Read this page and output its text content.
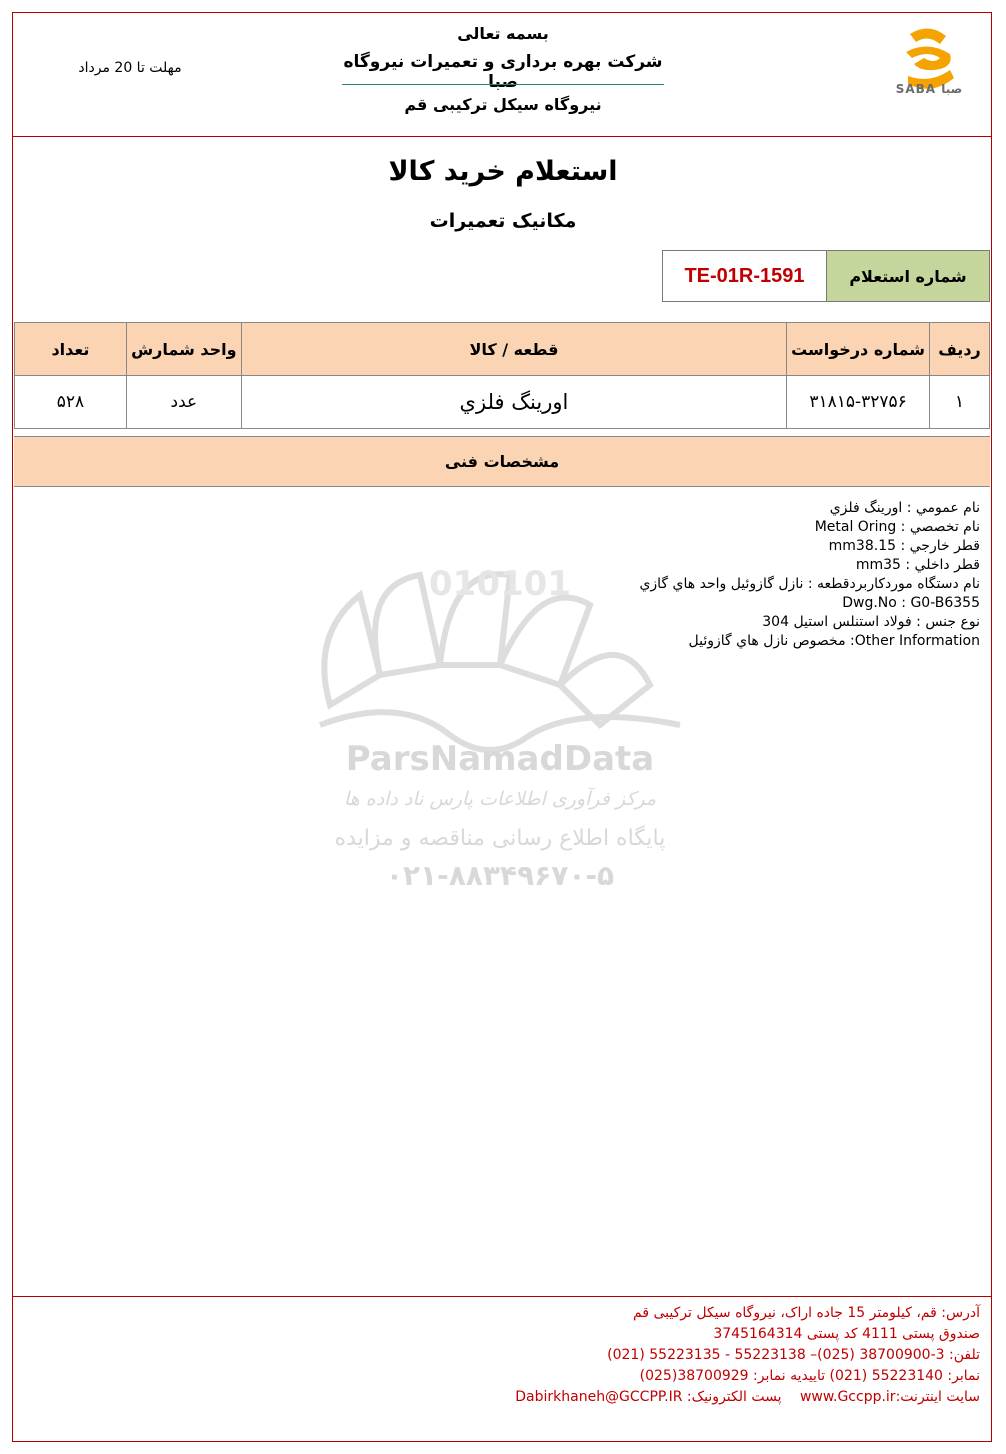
بسمه تعالی
شرکت بهره برداری و تعمیرات نیروگاه صبا
نیروگاه سیکل ترکیبی قم
مهلت تا 20 مرداد
SABA صبا
استعلام خرید کالا
مکانیک تعمیرات
شماره استعلام
TE-01R-1591
تعداد	واحد شمارش	قطعه / کالا	شماره درخواست	ردیف
۵۲۸	عدد	اورينگ فلزي	۳۱۸۱۵-۳۲۷۵۶	۱
مشخصات فنی
010101
ParsNamadData
مرکز فرآوری اطلاعات پارس ناد داده ها
پایگاه اطلاع رسانی مناقصه و مزایده
۰۲۱-۸۸۳۴۹۶۷۰-۵
نام عمومي : اورينگ فلزي
نام تخصصي : Metal Oring
قطر خارجي : mm38.15
قطر داخلي : mm35
نام دستگاه موردکاربردقطعه : نازل گازوئيل واحد هاي گازي
Dwg.No : G0-B6355
نوع جنس : فولاد استنلس استيل 304
Other Information: مخصوص نازل هاي گازوئيل
آدرس: قم، کیلومتر 15 جاده اراک، نیروگاه سیکل ترکیبی قم
صندوق پستی 4111 کد پستی 3745164314
تلفن: 3-38700900 (025)– 55223138 - 55223135 (021)
نمابر: 55223140 (021) تاییدیه نمابر: 38700929(025)
سایت اینترنت:www.Gccpp.ir پست الکترونیک: Dabirkhaneh@GCCPP.IR
